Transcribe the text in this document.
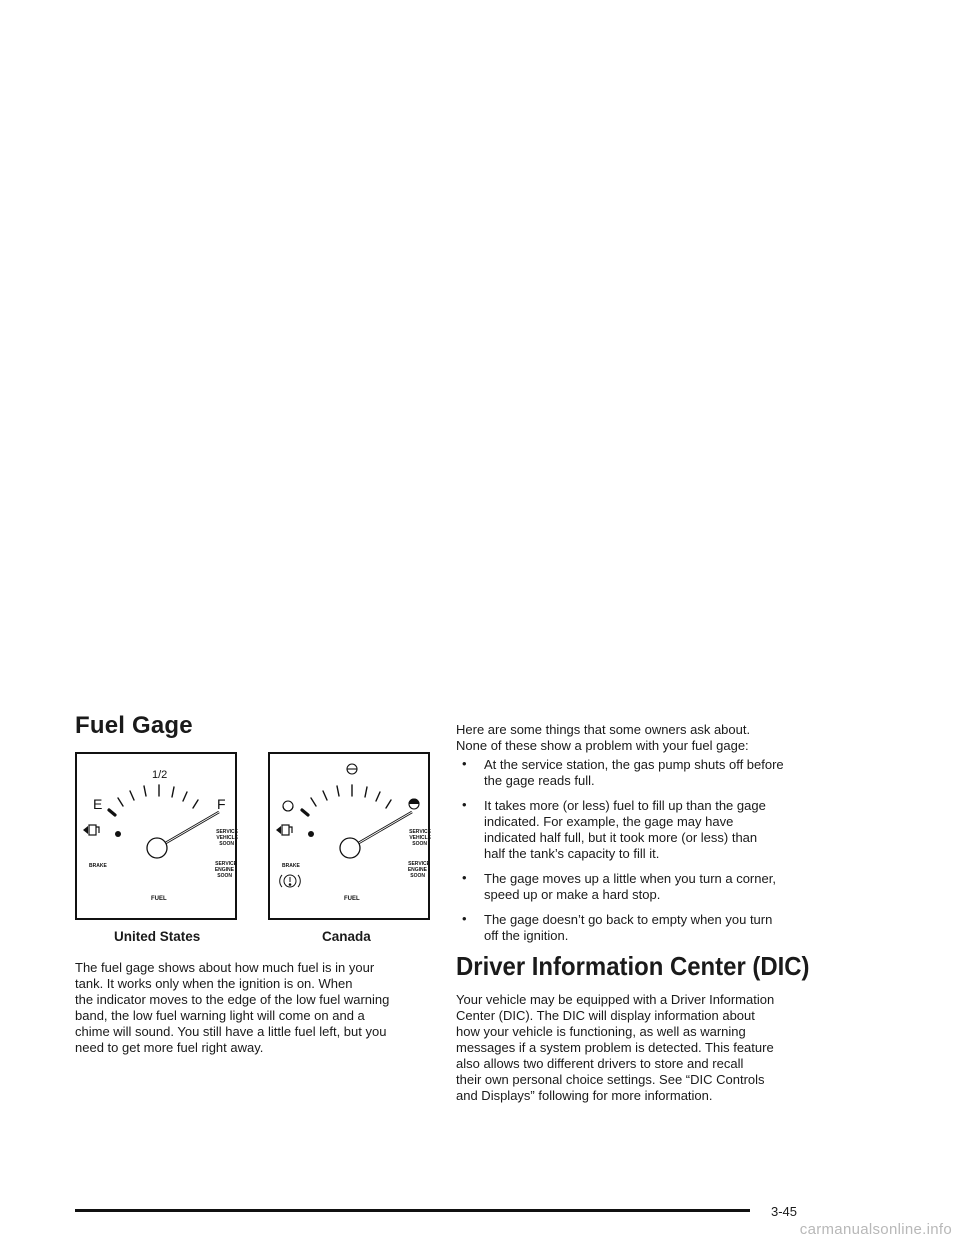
Fuel Gage
1/2
E	F
SERVICE VEHICLE SOON
SERVICE ENGINE SOON
BRAKE
FUEL
SERVICE VEHICLE SOON
SERVICE ENGINE SOON
BRAKE
FUEL
United States	Canada

The fuel gage shows about how much fuel is in your
tank. It works only when the ignition is on. When
the indicator moves to the edge of the low fuel warning
band, the low fuel warning light will come on and a
chime will sound. You still have a little fuel left, but you
need to get more fuel right away.

Here are some things that some owners ask about.
None of these show a problem with your fuel gage:

• At the service station, the gas pump shuts off before
the gage reads full.
• It takes more (or less) fuel to fill up than the gage
indicated. For example, the gage may have
indicated half full, but it took more (or less) than
half the tank’s capacity to fill it.
• The gage moves up a little when you turn a corner,
speed up or make a hard stop.
• The gage doesn’t go back to empty when you turn
off the ignition.
Driver Information Center (DIC)

Your vehicle may be equipped with a Driver Information
Center (DIC). The DIC will display information about
how your vehicle is functioning, as well as warning
messages if a system problem is detected. This feature
also allows two different drivers to store and recall
their own personal choice settings. See “DIC Controls
and Displays” following for more information.

3-45
carmanualsonline.info
